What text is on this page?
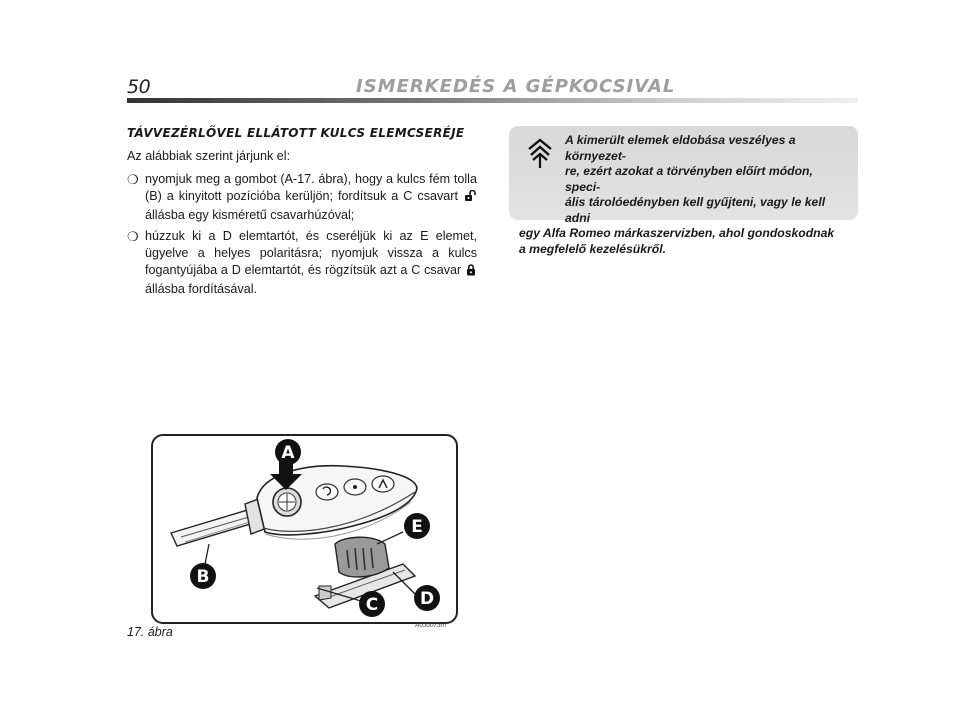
50	ISMERKEDÉS A GÉPKOCSIVAL
TÁVVEZÉRLŐVEL ELLÁTOTT KULCS ELEMCSERÉJE
Az alábbiak szerint járjunk el:
❍ nyomjuk meg a gombot (A-17. ábra), hogy a kulcs fém tolla (B) a kinyitott pozícióba kerüljön; fordítsuk a C csavart  állásba egy kisméretű csavarhúzóval;
❍ húzzuk ki a D elemtartót, és cseréljük ki az E elemet, ügyelve a helyes polaritásra; nyomjuk vissza a kulcs fogantyújába a D elemtartót, és rögzítsük azt a C csavar  állásba fordításával.
A kimerült elemek eldobása veszélyes a környezet-
re, ezért azokat a törvényben előírt módon, speci-
ális tárolóedényben kell gyűjteni, vagy le kell adni
egy Alfa Romeo márkaszervizben, ahol gondoskodnak
a megfelelő kezelésükről.
A
B
C D
E
17. ábra	A0J0073m
